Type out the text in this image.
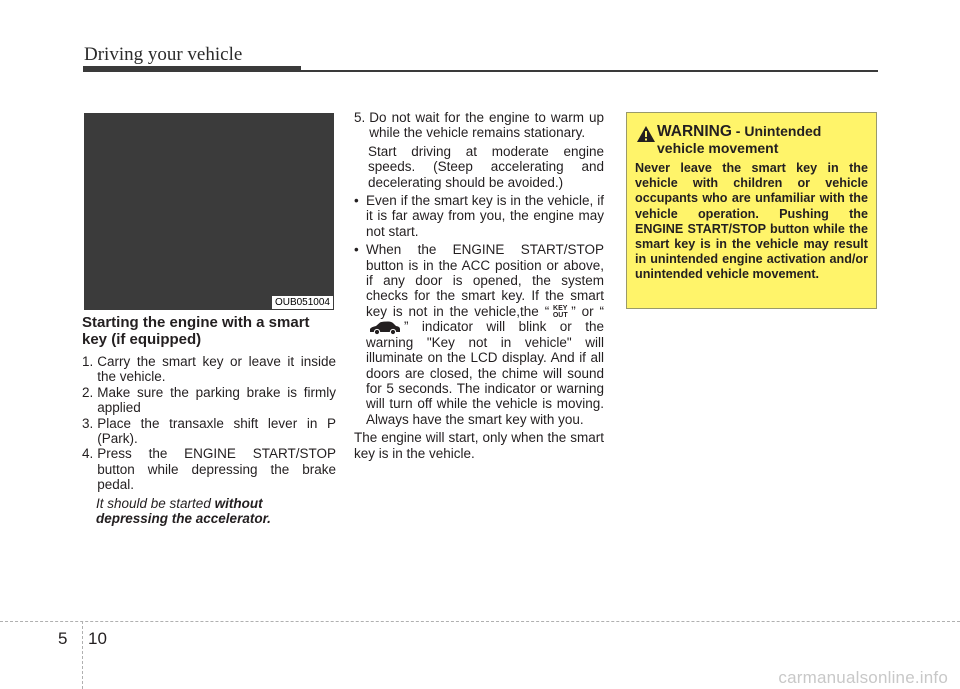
Driving your vehicle
OUB051004
Starting the engine with a smart key (if equipped)
1. Carry the smart key or leave it inside the vehicle.
2. Make sure the parking brake is firmly applied
3. Place the transaxle shift lever in P (Park).
4. Press the ENGINE START/STOP button while depressing the brake pedal.
It should be started without depressing the accelerator.
5. Do not wait for the engine to warm up while the vehicle remains stationary.
Start driving at moderate engine speeds. (Steep accelerating and decelerating should be avoided.)
• Even if the smart key is in the vehicle, if it is far away from you, the engine may not start.
• When the ENGINE START/STOP button is in the ACC position or above, if any door is opened, the system checks for the smart key. If the smart key is not in the vehicle,the “ KEY
OUT ” or “” indicator will blink or the warning "Key not in vehicle" will illuminate on the LCD display. And if all doors are closed, the chime will sound for 5 seconds. The indicator or warning will turn off while the vehicle is moving. Always have the smart key with you.
The engine will start, only when the smart key is in the vehicle.
WARNING - Unintended
vehicle movement
Never leave the smart key in the vehicle with children or vehicle occupants who are unfamiliar with the vehicle operation. Pushing the ENGINE START/STOP button while the smart key is in the vehicle may result in unintended engine activation and/or unintended vehicle movement.
5 10
carmanualsonline.info
